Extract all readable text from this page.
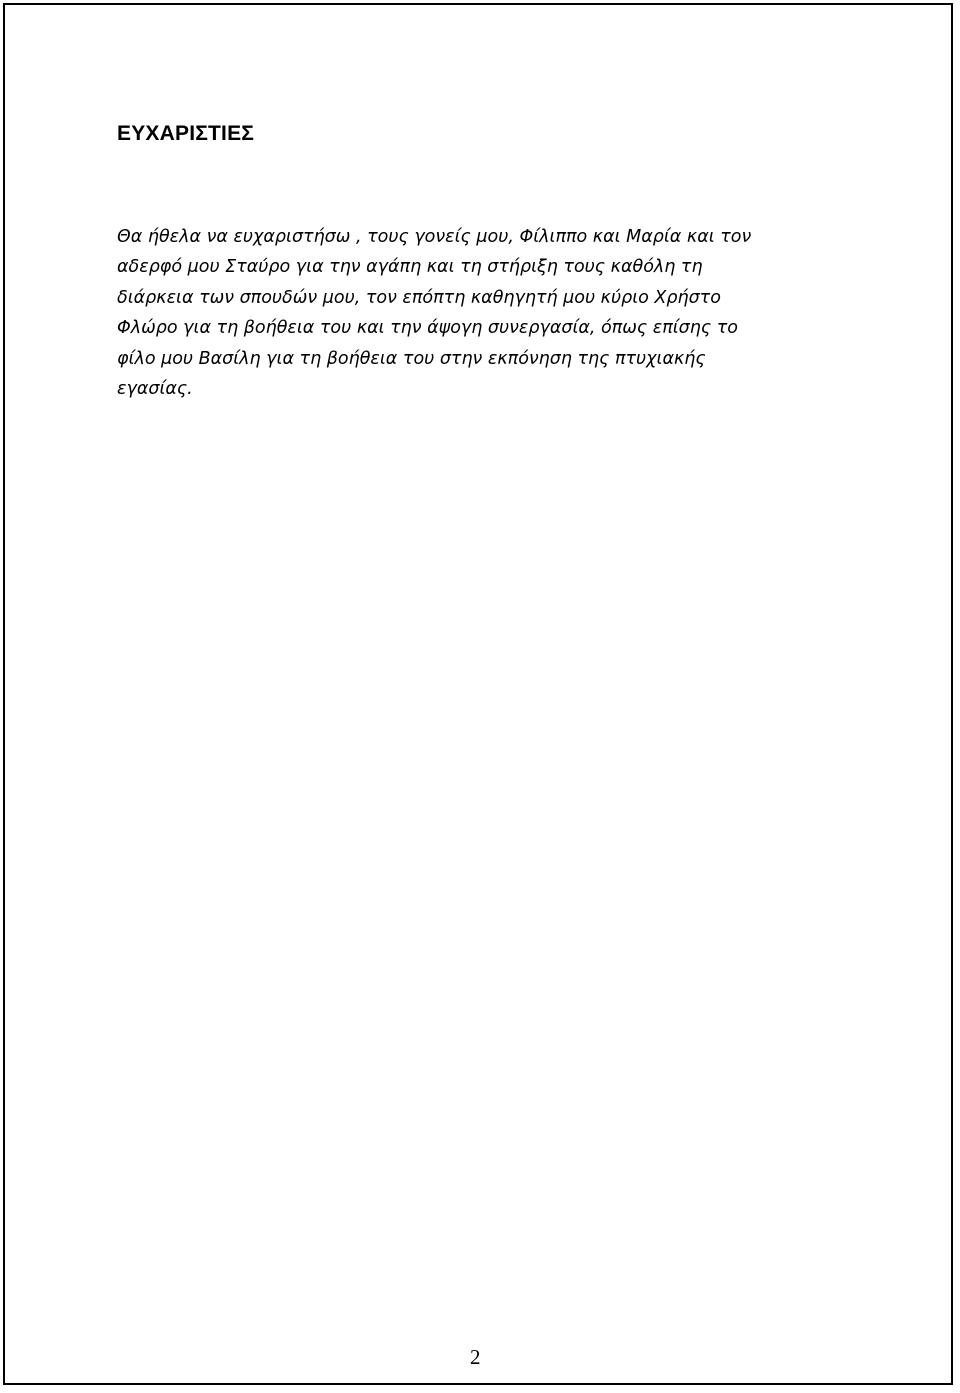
ΕΥΧΑΡΙΣΤΙΕΣ

Θα ήθελα να ευχαριστήσω , τους γονείς μου, Φίλιππο και Μαρία και τον
αδερφό μου Σταύρο για την αγάπη και τη στήριξη τους καθόλη τη
διάρκεια των σπουδών μου, τον επόπτη καθηγητή μου κύριο Χρήστο
Φλώρο για τη βοήθεια του και την άψογη συνεργασία, όπως επίσης το
φίλο μου Βασίλη για τη βοήθεια του στην εκπόνηση της πτυχιακής
εγασίας.

2
